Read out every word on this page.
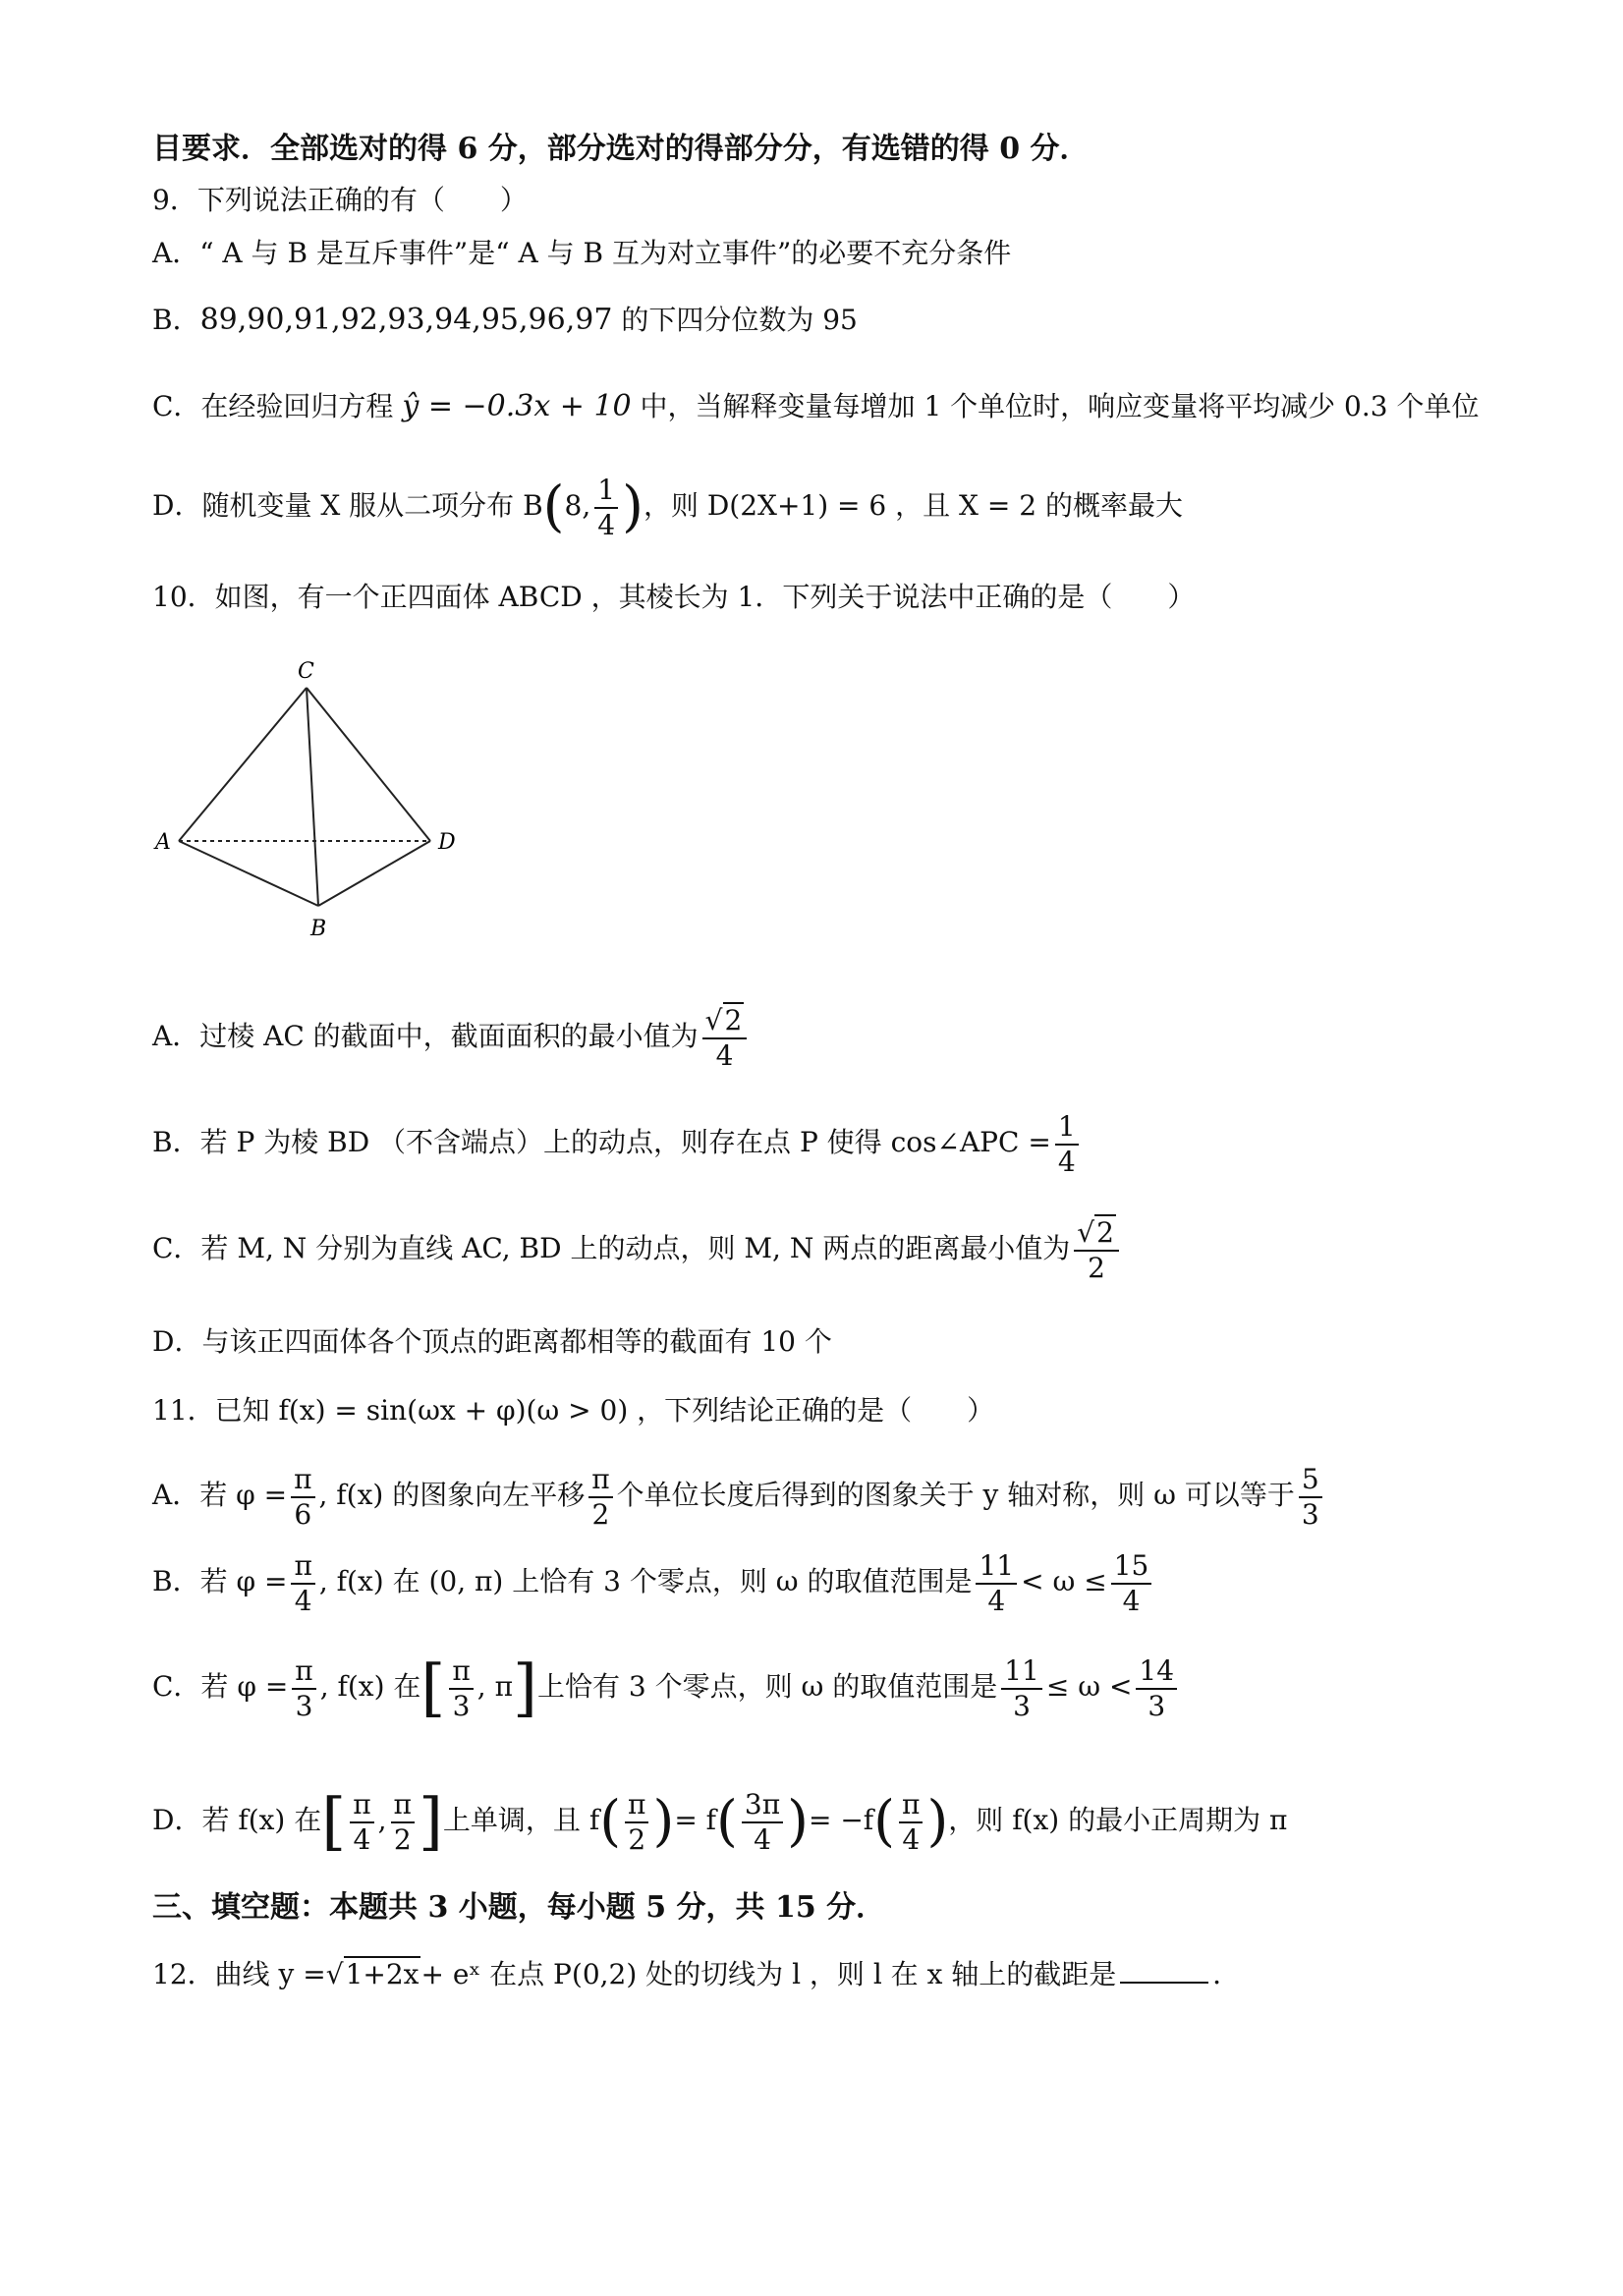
目要求．全部选对的得 6 分，部分选对的得部分分，有选错的得 0 分．
9．下列说法正确的有（　　）
A．“ A 与 B 是互斥事件”是“ A 与 B 互为对立事件”的必要不充分条件
B．89,90,91,92,93,94,95,96,97 的下四分位数为 95
C．在经验回归方程 ŷ = −0.3x + 10 中，当解释变量每增加 1 个单位时，响应变量将平均减少 0.3 个单位
D．随机变量 X 服从二项分布 B(8, $\frac{1}{4}$ )，则 D(2X+1) = 6 ，且 X = 2 的概率最大
10．如图，有一个正四面体 ABCD ，其棱长为 1．下列关于说法中正确的是（　　）
C
A	D
B
A．过棱 AC 的截面中，截面面积的最小值为 $\frac{√2}{4}$
B．若 P 为棱 BD （不含端点）上的动点，则存在点 P 使得 cos∠APC = $\frac{1}{4}$
C．若 M, N 分别为直线 AC, BD 上的动点，则 M, N 两点的距离最小值为 $\frac{√2}{2}$
D．与该正四面体各个顶点的距离都相等的截面有 10 个
11．已知 f(x) = sin(ωx + φ)(ω > 0) ，下列结论正确的是（　　）
A．若 $\varphi = \frac{\pi}{6}$ , f(x) 的图象向左平移 $\frac{\pi}{2}$ 个单位长度后得到的图象关于 y 轴对称，则 ω 可以等于 $\frac{5}{3}$
B．若 $\varphi = \frac{\pi}{4}$ , f(x) 在 (0, π) 上恰有 3 个零点，则 ω 的取值范围是 $\frac{11}{4} < \omega \le \frac{15}{4}$
C．若 $\varphi = \frac{\pi}{3}$ , f(x) 在[ $\frac{\pi}{3}$ , π]上恰有 3 个零点，则 ω 的取值范围是 $\frac{11}{3} \le \omega < \frac{14}{3}$
D．若 f(x) 在[ $\frac{\pi}{4}$ , $\frac{\pi}{2}$ ]上单调，且 $f( \frac{\pi}{2}$ )= $f( \frac{3\pi}{4}$ )= $-f( \frac{\pi}{4}$ )，则 f(x) 的最小正周期为 π
三、填空题：本题共 3 小题，每小题 5 分，共 15 分．
12．曲线 y =√1+2x+ eˣ 在点 P(0,2) 处的切线为 l ，则 l 在 x 轴上的截距是	．
